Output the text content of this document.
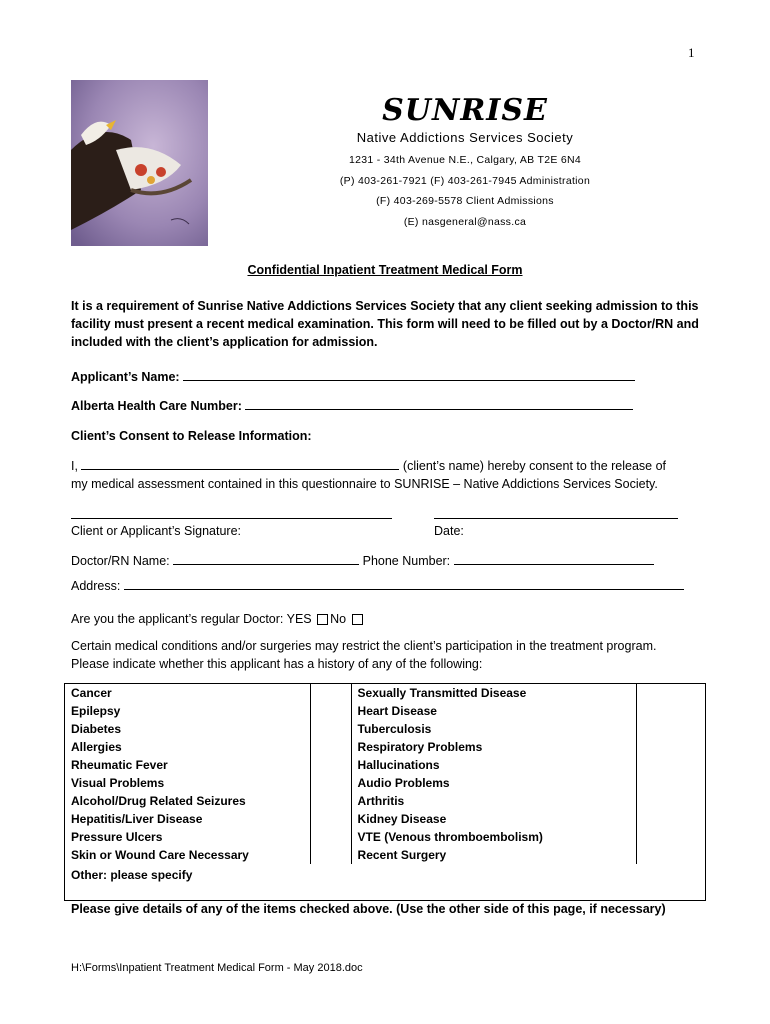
1
SUNRISE
Native Addictions Services Society
1231 - 34th Avenue N.E., Calgary, AB T2E 6N4
(P) 403-261-7921 (F) 403-261-7945 Administration
(F) 403-269-5578 Client Admissions
(E) nasgeneral@nass.ca
Confidential Inpatient Treatment Medical Form
It is a requirement of Sunrise Native Addictions Services Society that any client seeking admission to this facility must present a recent medical examination. This form will need to be filled out by a Doctor/RN and included with the client’s application for admission.
Applicant’s Name:
Alberta Health Care Number:
Client’s Consent to Release Information:
I,	(client’s name) hereby consent to the release of
my medical assessment contained in this questionnaire to SUNRISE – Native Addictions Services Society.
Client or Applicant’s Signature:	Date:
Doctor/RN Name:	Phone Number:
Address:
Are you the applicant’s regular Doctor: YES No
Certain medical conditions and/or surgeries may restrict the client’s participation in the treatment program.
Please indicate whether this applicant has a history of any of the following:
Cancer		Sexually Transmitted Disease	
Epilepsy		Heart Disease	
Diabetes		Tuberculosis	
Allergies		Respiratory Problems	
Rheumatic Fever		Hallucinations	
Visual Problems		Audio Problems	
Alcohol/Drug Related Seizures		Arthritis	
Hepatitis/Liver Disease		Kidney Disease	
Pressure Ulcers		VTE (Venous thromboembolism)	
Skin or Wound Care Necessary		Recent Surgery	
Other: please specify			
Please give details of any of the items checked above. (Use the other side of this page, if necessary)
H:\Forms\Inpatient Treatment Medical Form - May 2018.doc
